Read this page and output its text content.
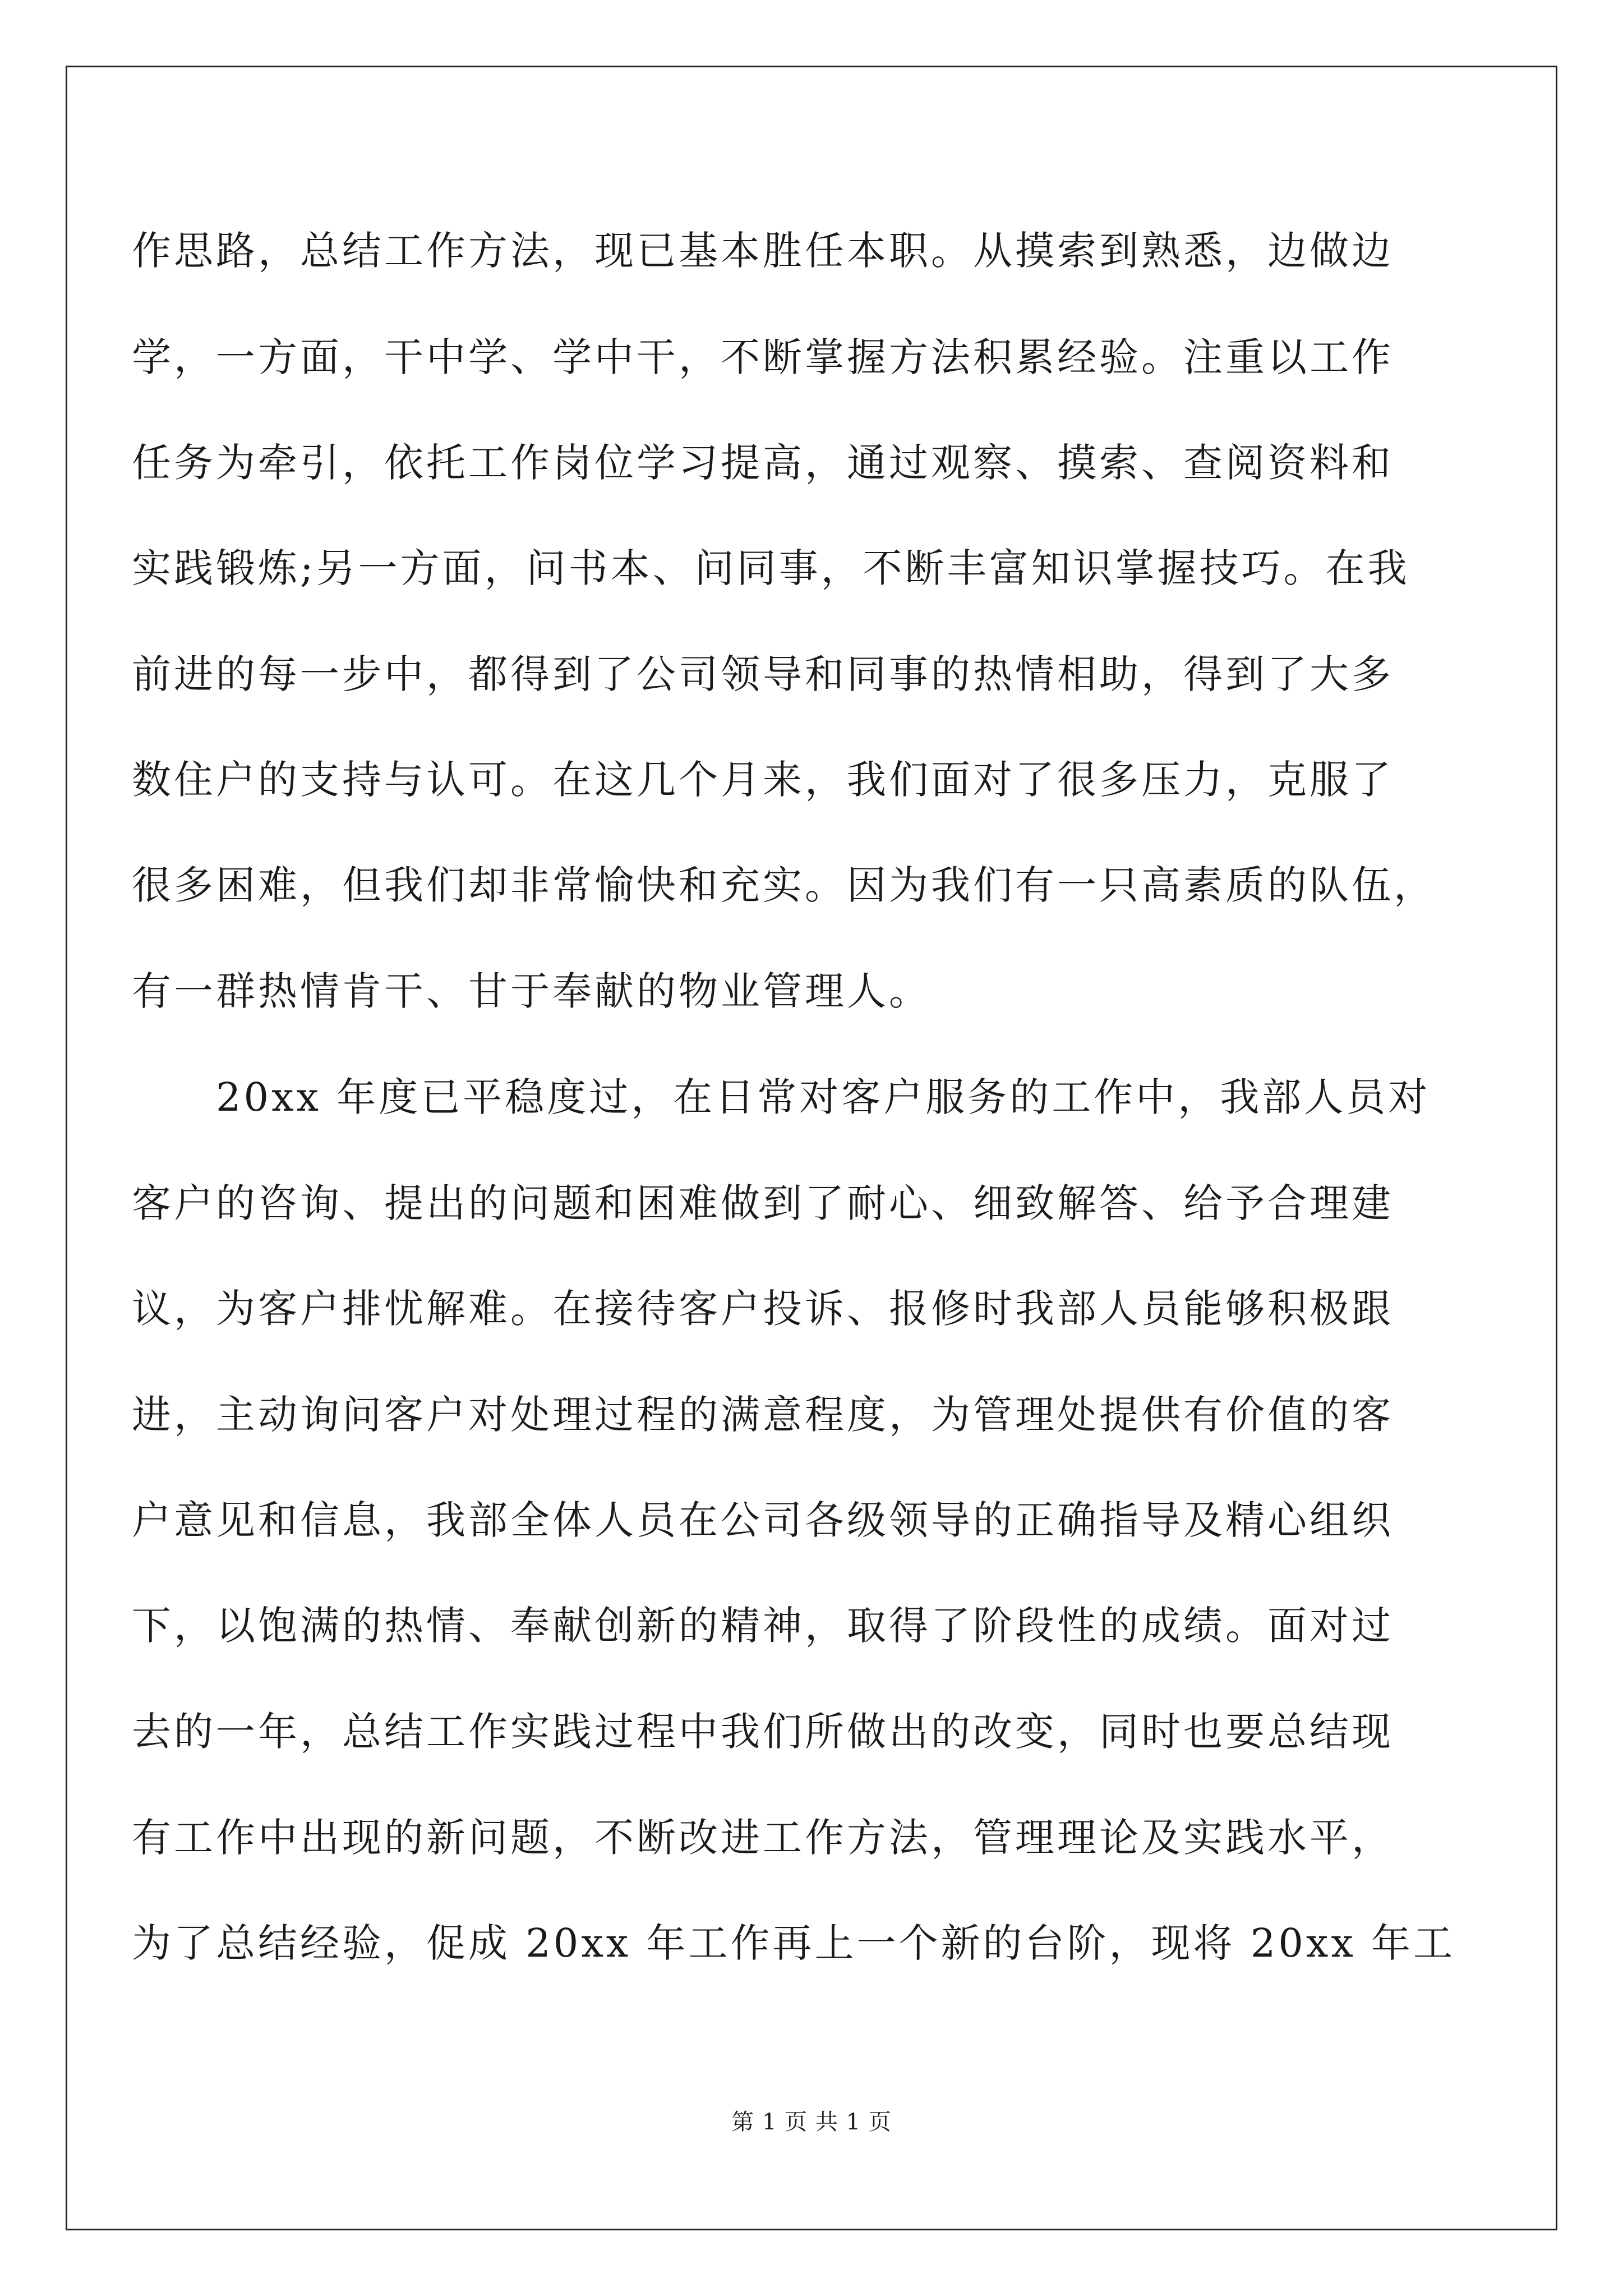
作思路，总结工作方法，现已基本胜任本职。从摸索到熟悉，边做边
学，一方面，干中学、学中干，不断掌握方法积累经验。注重以工作
任务为牵引，依托工作岗位学习提高，通过观察、摸索、查阅资料和
实践锻炼;另一方面，问书本、问同事，不断丰富知识掌握技巧。在我
前进的每一步中，都得到了公司领导和同事的热情相助，得到了大多
数住户的支持与认可。在这几个月来，我们面对了很多压力，克服了
很多困难，但我们却非常愉快和充实。因为我们有一只高素质的队伍，
有一群热情肯干、甘于奉献的物业管理人。
20xx 年度已平稳度过，在日常对客户服务的工作中，我部人员对
客户的咨询、提出的问题和困难做到了耐心、细致解答、给予合理建
议，为客户排忧解难。在接待客户投诉、报修时我部人员能够积极跟
进，主动询问客户对处理过程的满意程度，为管理处提供有价值的客
户意见和信息，我部全体人员在公司各级领导的正确指导及精心组织
下，以饱满的热情、奉献创新的精神，取得了阶段性的成绩。面对过
去的一年，总结工作实践过程中我们所做出的改变，同时也要总结现
有工作中出现的新问题，不断改进工作方法，管理理论及实践水平，
为了总结经验，促成 20xx 年工作再上一个新的台阶，现将 20xx 年工
第 1 页 共 1 页
